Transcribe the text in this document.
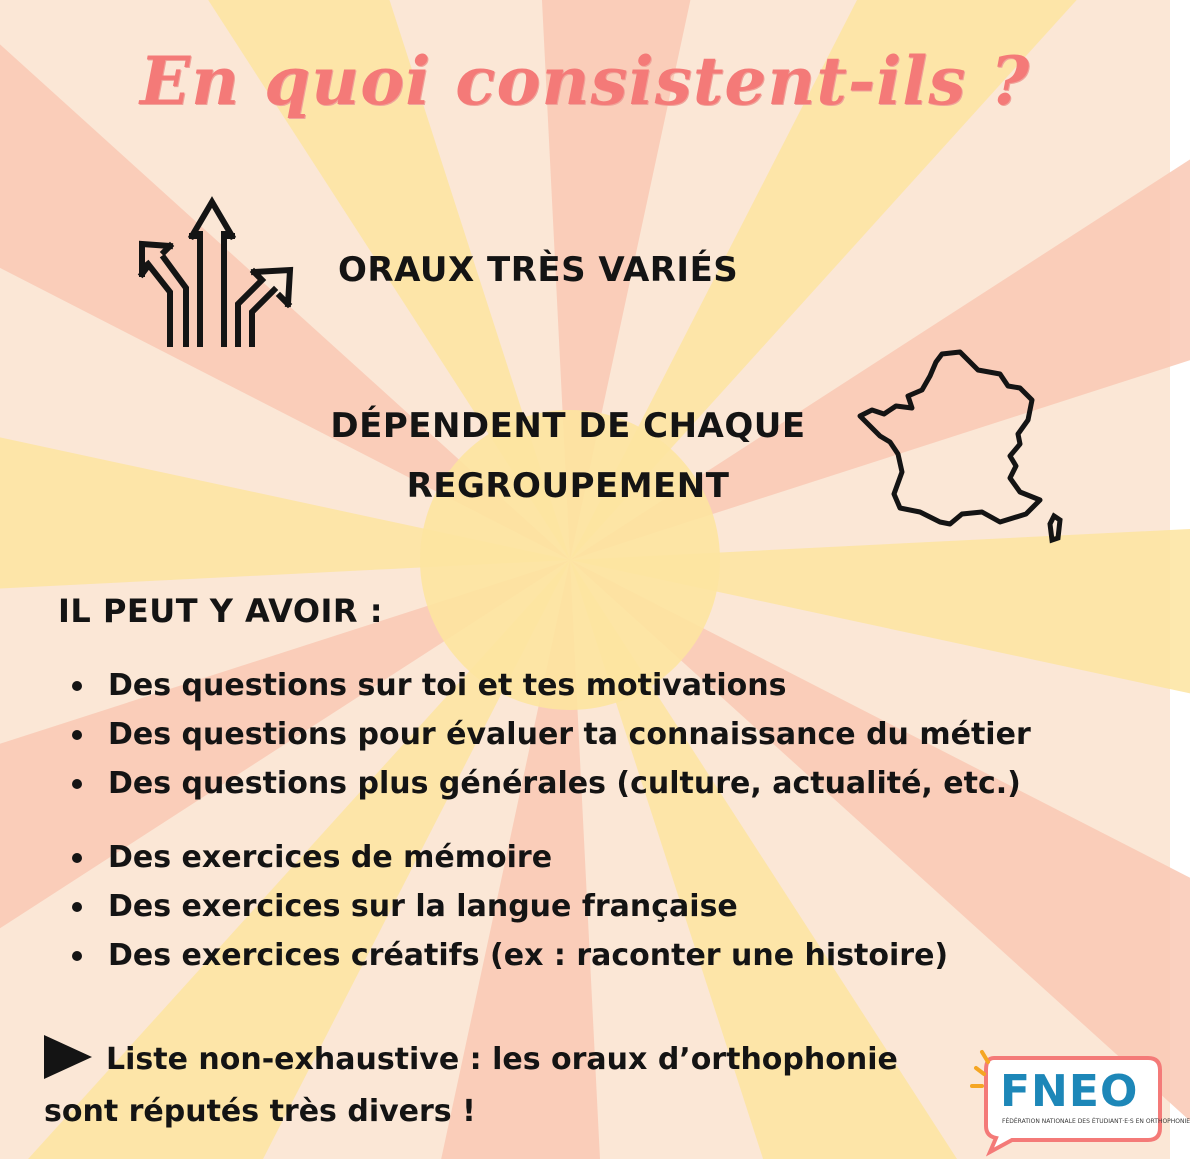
En quoi consistent-ils ?
ORAUX TRÈS VARIÉS
DÉPENDENT DE CHAQUE
REGROUPEMENT
IL PEUT Y AVOIR :
Des questions sur toi et tes motivations
Des questions pour évaluer ta connaissance du métier
Des questions plus générales (culture, actualité, etc.)
Des exercices de mémoire
Des exercices sur la langue française
Des exercices créatifs (ex : raconter une histoire)
Liste non-exhaustive : les oraux d’orthophonie
sont réputés très divers !	FNEO
FÉDÉRATION NATIONALE DES ÉTUDIANT·E·S EN ORTHOPHONIE
